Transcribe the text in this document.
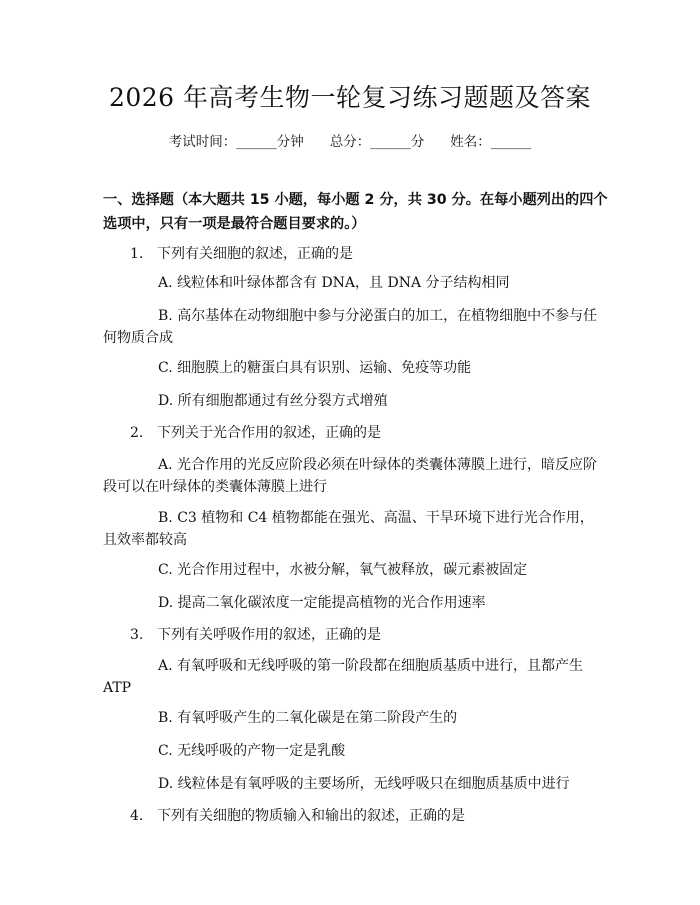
2026 年高考生物一轮复习练习题题及答案
考试时间：______分钟 总分：______分 姓名：______
一、选择题（本大题共 15 小题，每小题 2 分，共 30 分。在每小题列出的四个选项中，只有一项是最符合题目要求的。）
1. 下列有关细胞的叙述，正确的是
A. 线粒体和叶绿体都含有 DNA，且 DNA 分子结构相同
B. 高尔基体在动物细胞中参与分泌蛋白的加工，在植物细胞中不参与任何物质合成
C. 细胞膜上的糖蛋白具有识别、运输、免疫等功能
D. 所有细胞都通过有丝分裂方式增殖
2. 下列关于光合作用的叙述，正确的是
A. 光合作用的光反应阶段必须在叶绿体的类囊体薄膜上进行，暗反应阶段可以在叶绿体的类囊体薄膜上进行
B. C3 植物和 C4 植物都能在强光、高温、干旱环境下进行光合作用，且效率都较高
C. 光合作用过程中，水被分解，氧气被释放，碳元素被固定
D. 提高二氧化碳浓度一定能提高植物的光合作用速率
3. 下列有关呼吸作用的叙述，正确的是
A. 有氧呼吸和无线呼吸的第一阶段都在细胞质基质中进行，且都产生 ATP
B. 有氧呼吸产生的二氧化碳是在第二阶段产生的
C. 无线呼吸的产物一定是乳酸
D. 线粒体是有氧呼吸的主要场所，无线呼吸只在细胞质基质中进行
4. 下列有关细胞的物质输入和输出的叙述，正确的是
